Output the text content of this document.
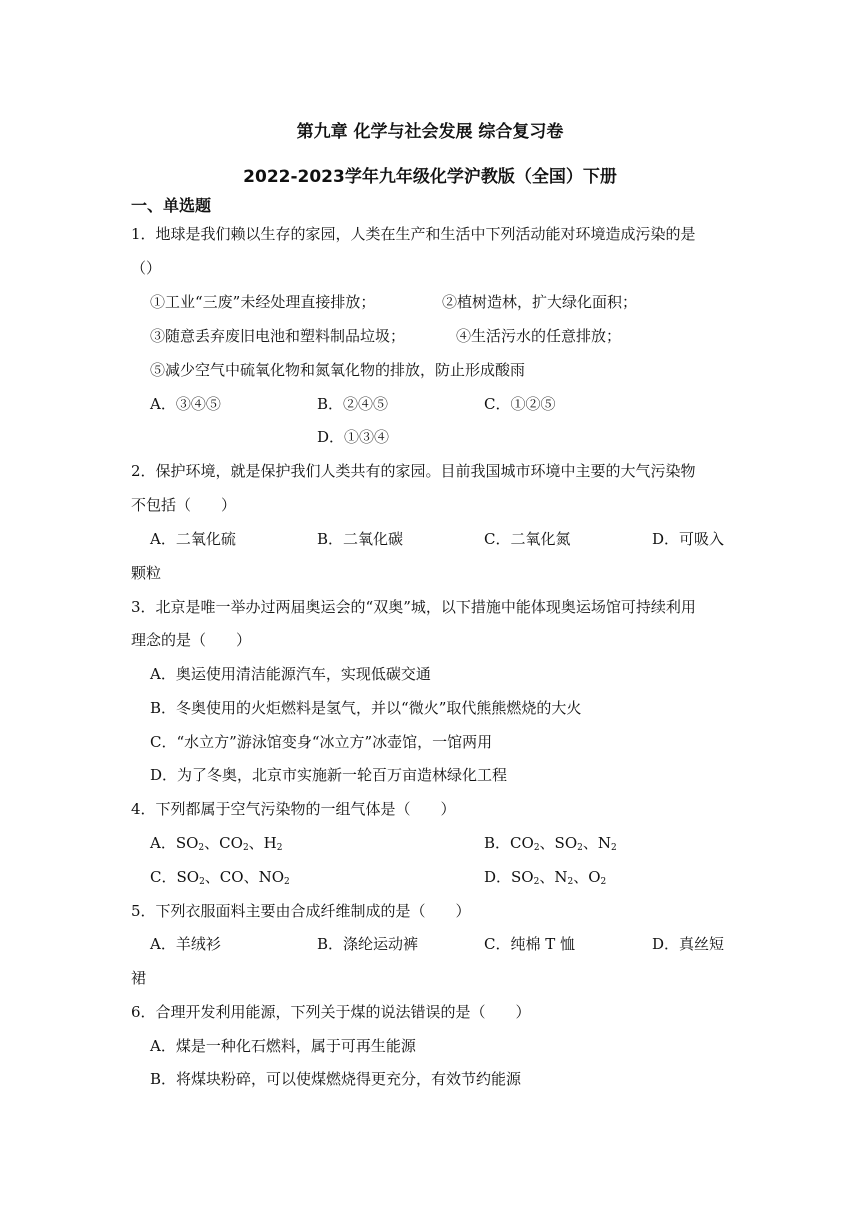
第九章 化学与社会发展 综合复习卷
2022-2023学年九年级化学沪教版（全国）下册
一、单选题
1．地球是我们赖以生存的家园，人类在生产和生活中下列活动能对环境造成污染的是
（）
①工业“三废”未经处理直接排放；	②植树造林，扩大绿化面积；
③随意丢弃废旧电池和塑料制品垃圾；	④生活污水的任意排放；
⑤减少空气中硫氧化物和氮氧化物的排放，防止形成酸雨
A．③④⑤	B．②④⑤	C．①②⑤
D．①③④
2．保护环境，就是保护我们人类共有的家园。目前我国城市环境中主要的大气污染物
不包括（　　）
A．二氧化硫	B．二氧化碳	C．二氧化氮	D．可吸入
颗粒
3．北京是唯一举办过两届奥运会的“双奥”城，以下措施中能体现奥运场馆可持续利用
理念的是（　　）
A．奥运使用清洁能源汽车，实现低碳交通
B．冬奥使用的火炬燃料是氢气，并以“微火”取代熊熊燃烧的大火
C．“水立方”游泳馆变身“冰立方”冰壶馆，一馆两用
D．为了冬奥，北京市实施新一轮百万亩造林绿化工程
4．下列都属于空气污染物的一组气体是（　　）
A．$SO_2$、$CO_2$、$H_2$	B．$CO_2$、$SO_2$、$N_2$
C．$SO_2$、CO、$NO_2$	D．$SO_2$、$N_2$、$O_2$
5．下列衣服面料主要由合成纤维制成的是（　　）
A．羊绒衫	B．涤纶运动裤	C．纯棉 T 恤	D．真丝短
裙
6．合理开发利用能源，下列关于煤的说法错误的是（　　）
A．煤是一种化石燃料，属于可再生能源
B．将煤块粉碎，可以使煤燃烧得更充分，有效节约能源
